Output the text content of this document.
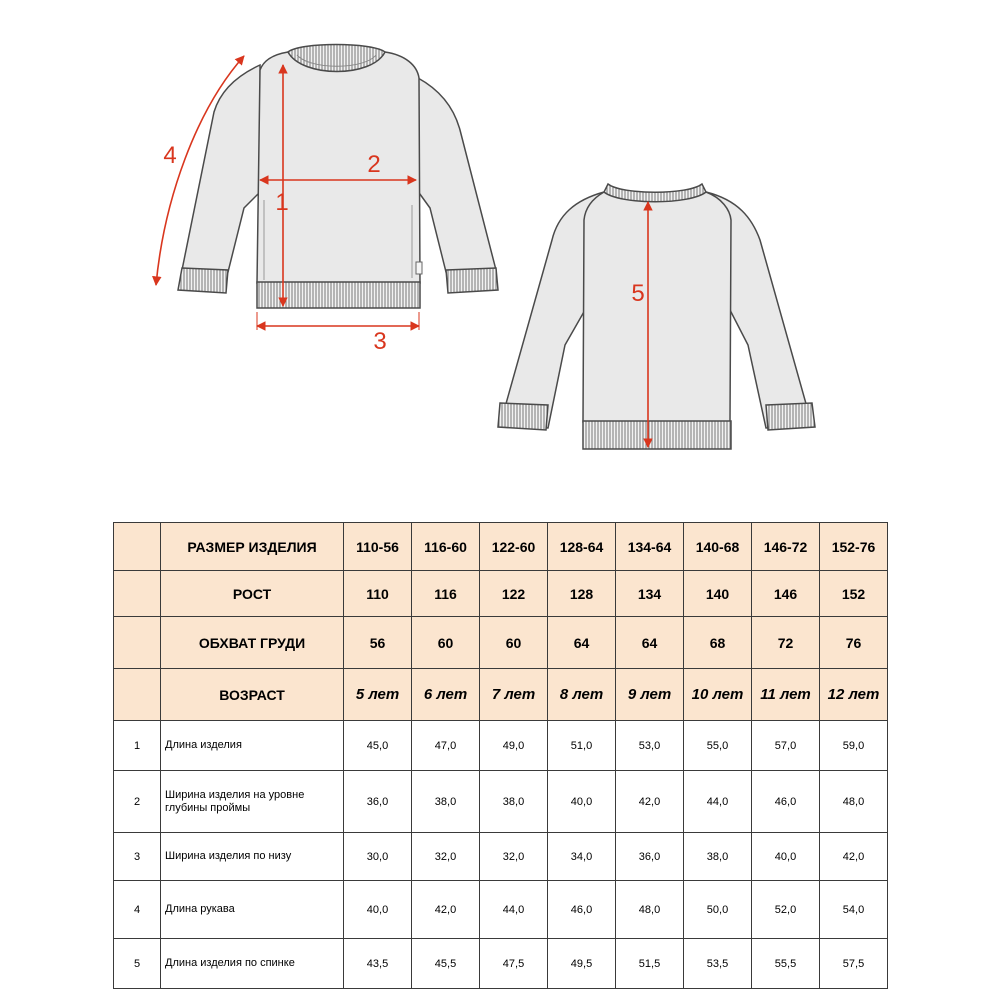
1
2
3
4
5
	РАЗМЕР ИЗДЕЛИЯ	110-56	116-60	122-60	128-64	134-64	140-68	146-72	152-76
	РОСТ	110	116	122	128	134	140	146	152
	ОБХВАТ ГРУДИ	56	60	60	64	64	68	72	76
	ВОЗРАСТ	5 лет	6 лет	7 лет	8 лет	9 лет	10 лет	11 лет	12 лет
1	Длина изделия	45,0	47,0	49,0	51,0	53,0	55,0	57,0	59,0
2	Ширина изделия на уровне глубины проймы	36,0	38,0	38,0	40,0	42,0	44,0	46,0	48,0
3	Ширина изделия по низу	30,0	32,0	32,0	34,0	36,0	38,0	40,0	42,0
4	Длина рукава	40,0	42,0	44,0	46,0	48,0	50,0	52,0	54,0
5	Длина изделия по спинке	43,5	45,5	47,5	49,5	51,5	53,5	55,5	57,5
